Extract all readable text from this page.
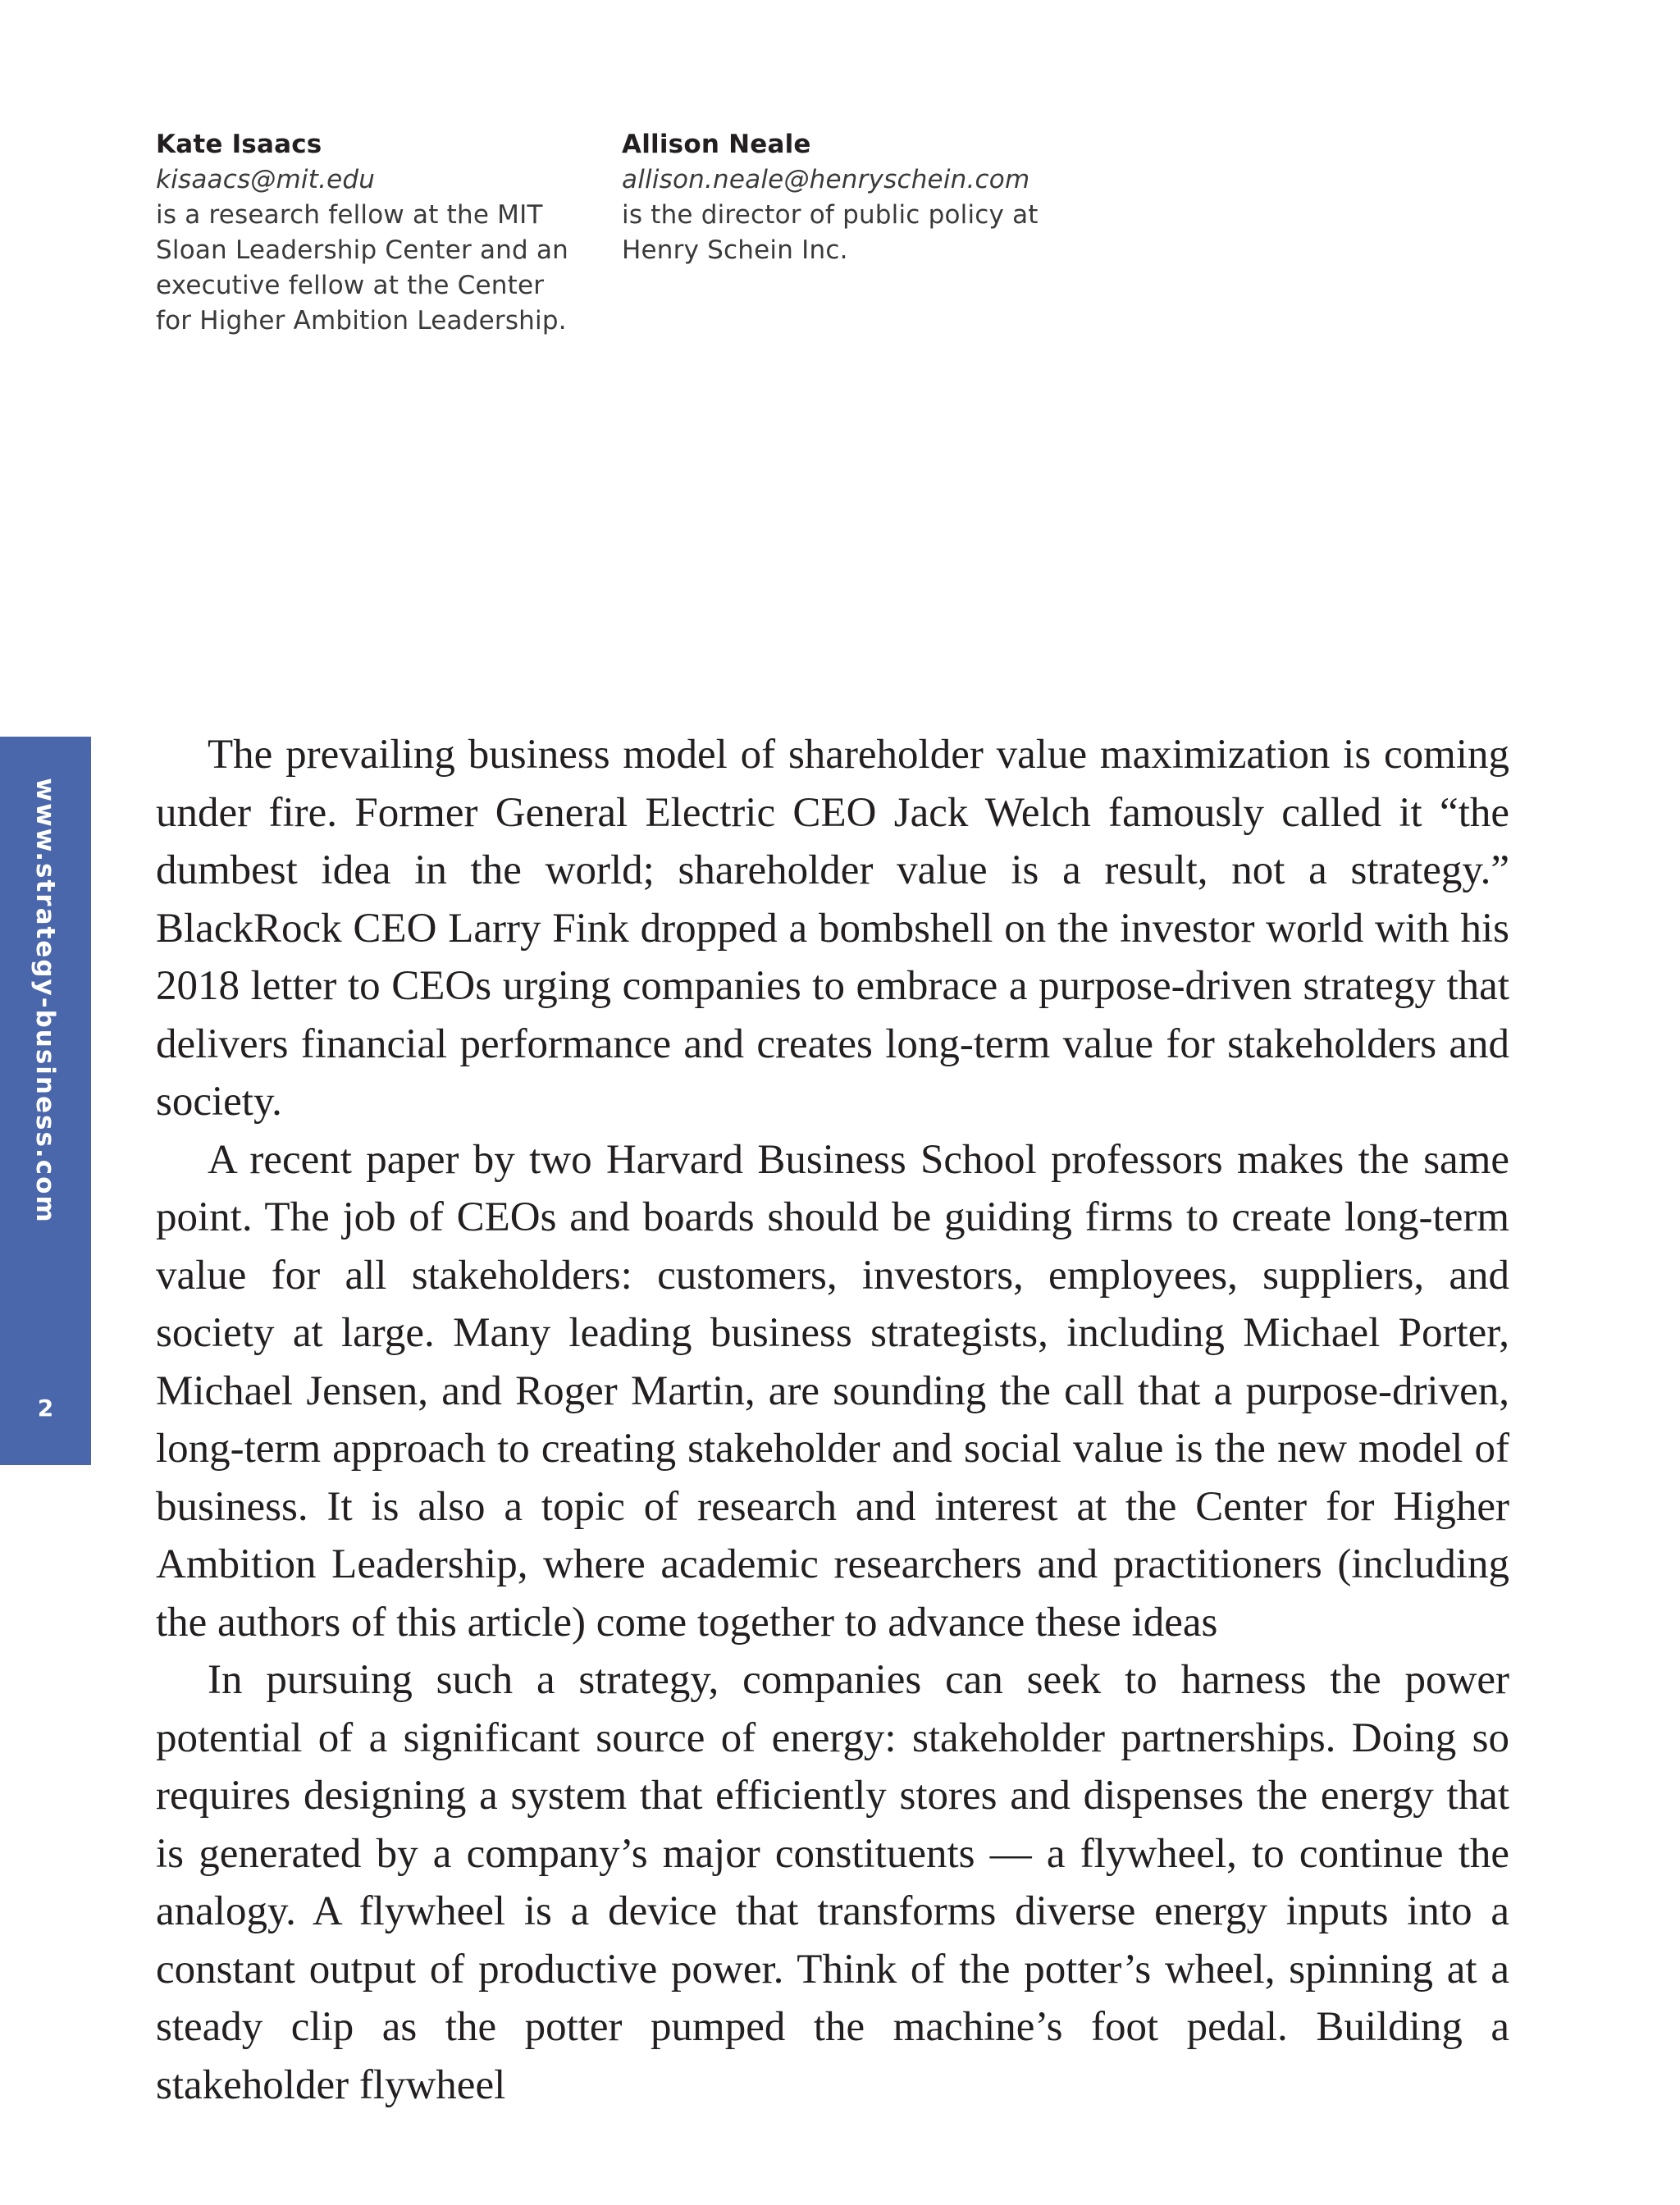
Kate Isaacs
kisaacs@mit.edu

is a research fellow at the MIT Sloan Leadership Center and an executive fellow at the Center for Higher Ambition Leadership.

Allison Neale
allison.neale@henryschein.com

is the director of public policy at Henry Schein Inc.

www.strategy-business.com
2

The prevailing business model of shareholder value maximization is coming under fire. Former General Electric CEO Jack Welch famously called it “the dumbest idea in the world; shareholder value is a result, not a strategy.” BlackRock CEO Larry Fink dropped a bombshell on the investor world with his 2018 letter to CEOs urging companies to embrace a purpose-driven strategy that delivers financial performance and creates long-term value for stakeholders and society.

A recent paper by two Harvard Business School professors makes the same point. The job of CEOs and boards should be guiding firms to create long-term value for all stakeholders: customers, investors, employees, suppliers, and society at large. Many leading business strategists, including Michael Porter, Michael Jensen, and Roger Martin, are sounding the call that a purpose-driven, long-term approach to creating stakeholder and social value is the new model of business. It is also a topic of research and interest at the Center for Higher Ambition Leadership, where academic researchers and practitioners (including the authors of this article) come together to advance these ideas

In pursuing such a strategy, companies can seek to harness the power potential of a significant source of energy: stakeholder partnerships. Doing so requires designing a system that efficiently stores and dispenses the energy that is generated by a company’s major constituents — a flywheel, to continue the analogy. A flywheel is a device that transforms diverse energy inputs into a constant output of productive power. Think of the potter’s wheel, spinning at a steady clip as the potter pumped the machine’s foot pedal. Building a stakeholder flywheel
